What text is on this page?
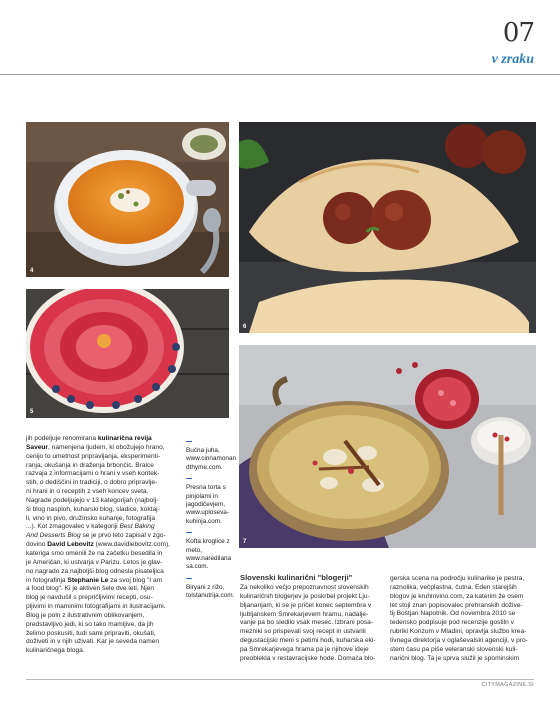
07
v zraku
4
5
6
7
jih podeljuje renomirana kulinarična revija
Saveur, namenjena ljudem, ki obožujejo hrano,
cenijo to umetnost pripravljanja, eksperimenti-
ranja, okušanja in draženja brbončic. Bralce
razvaja z informacijami o hrani v vseh kontek-
stih, o dediščini in tradiciji, o dobro pripravlje-
ni hrani in o receptih z vseh koncev sveta.
Nagrade podeljujejo v 13 kategorijah (najbolj-
ši blog nasploh, kuharski blog, sladice, koktaj-
li, vino in pivo, družinsko kuhanje, fotografija
...). Kot zmagovalec v kategoriji Best Baking
And Desserts Blog se je prvo leto zapisal v zgo-
dovino David Lebovitz (www.davidlebovitz.com),
kateriga smo omenili že na začetku besedila in
je Američan, ki ustvarja v Parizu. Letos je glav-
no nagrado za najboljši blog odnesla pisateljica
in fotografinja Stephanie Le za svoj blog "I am
a food blog". Ki je aktiven šele dve leti. Njen
blog je navdušil s prepričljivimi recepti, osu-
pljivimi in maminimi fotografijami in ilustracijami.
Blog je poln z ilustrativnim oblikovanjem,
predstavljivo jedi, ki so tako mamljive, da jih
želimo poskusiti, tudi sami pripraviti, okušati,
doživeti in v njih uživati. Kar je seveda namen
kulinaričnega bloga.
Bučna juha,
www.cinnamonan dthyme.com.
Presna torta s pinjolami in jagodičevjem,
www.uploseva-kuhinja.com.
Kofta kroglice z meto,
www.naredilana sa.com.
Biryani z rižo,
tolstanutrija.com.
Slovenski kulinarični "blogerji"
Za nekoliko večjo prepoznavnost slovenskih
kulinaričnih blogerjev je poskrbel projekt Lju-
bljananjam, ki se je pričel konec septembra v
ljubljanskem Smrekarjevem hramu, nadalje-
vanje pa bo sledilo vsak mesec. Izbrani posa-
mezniki so prispevali svoj recept in ustvarili
degustacijski meni s petimi hodi, kuharska eki-
pa Smrekarjevega hrama pa je njihove ideje
preoblekla v restavracijske hode. Domača blo-
gerska scena na področju kulinarike je pestra,
raznolika, večplastna, čutna. Eden starejših
blogov je kruhinvino.com, za katerim že osem
let stoji znan popisovalec prehranskih dožive-
tij Boštjan Napotnik. Od novembra 2010 se
tedensko podpisuje pod recenzije gostiln v
rubriki Konzum v Mladini, opravlja službo krea-
tivnega direktorja v oglaševalski agenciji, v pro-
stem času pa piše veleranski slovenski kuli-
narični blog. Ta je sprva služil je spominskim
CITYMAGAZINE.SI
